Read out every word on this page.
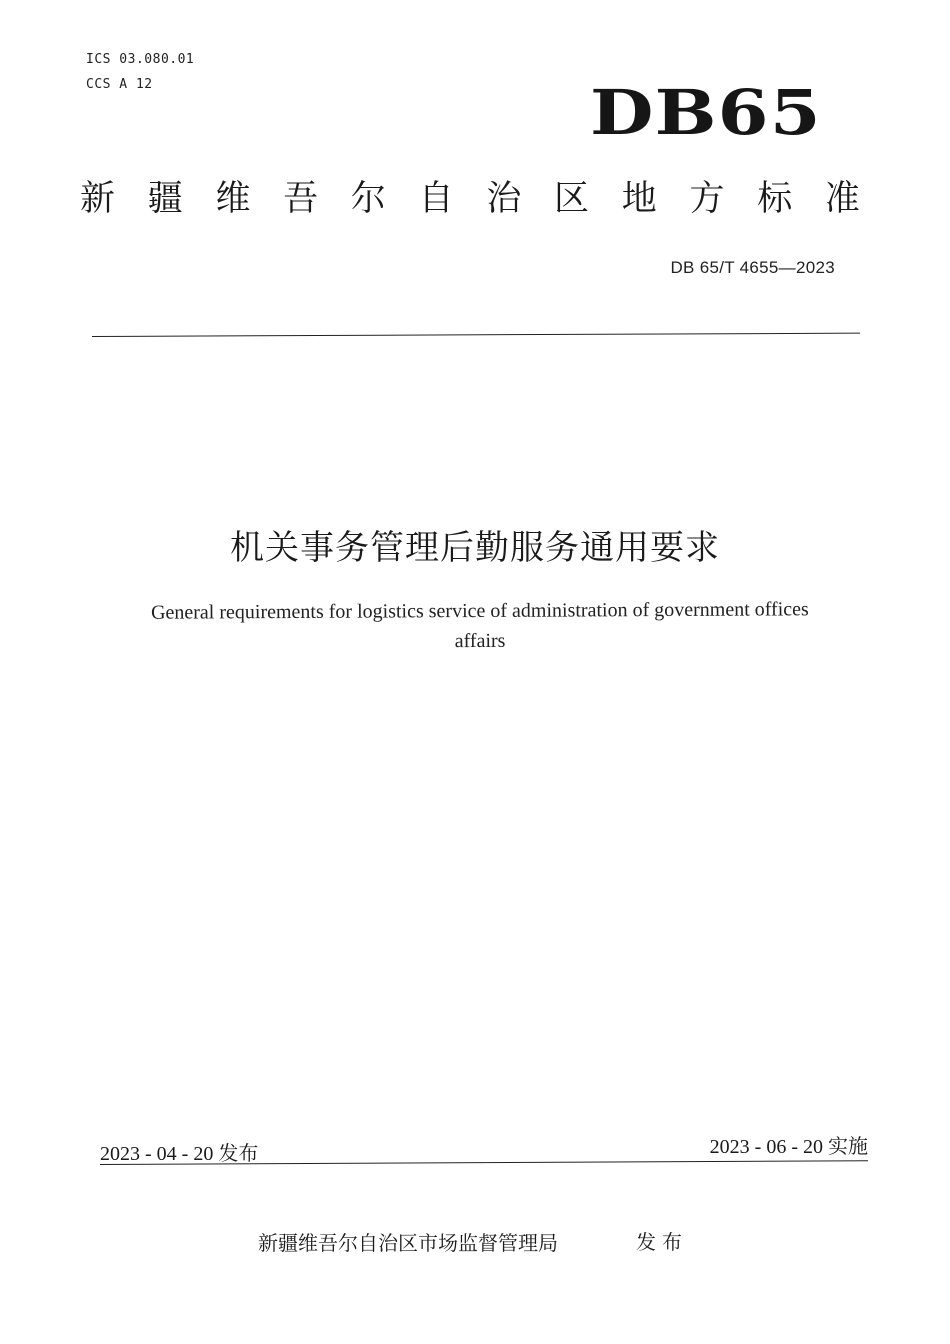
ICS 03.080.01
CCS A 12	DB65
新 疆 维 吾 尔 自 治 区 地 方 标 准
DB 65/T 4655—2023
机关事务管理后勤服务通用要求
General requirements for logistics service of administration of government offices
affairs
2023 - 04 - 20 发布	2023 - 06 - 20 实施
新疆维吾尔自治区市场监督管理局	发布
